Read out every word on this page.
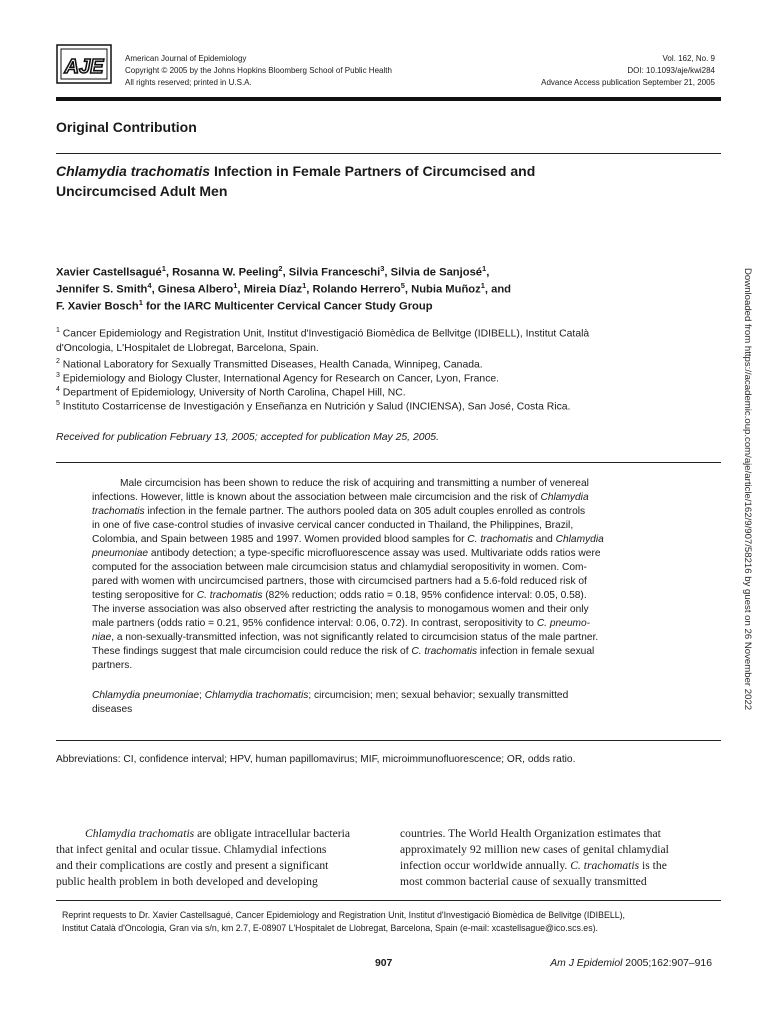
AJE	American Journal of Epidemiology
Copyright © 2005 by the Johns Hopkins Bloomberg School of Public Health
All rights reserved; printed in U.S.A.
Vol. 162, No. 9
DOI: 10.1093/aje/kwi284
Advance Access publication September 21, 2005
Original Contribution
Chlamydia trachomatis Infection in Female Partners of Circumcised and
Uncircumcised Adult Men
Xavier Castellsagué$^1$, Rosanna W. Peeling$^2$, Silvia Franceschi$^3$, Silvia de Sanjosé$^1$,
Jennifer S. Smith$^4$, Ginesa Albero$^1$, Mireia Díaz$^1$, Rolando Herrero$^5$, Nubia Muñoz$^1$, and
F. Xavier Bosch$^1$ for the IARC Multicenter Cervical Cancer Study Group
$^1$ Cancer Epidemiology and Registration Unit, Institut d'Investigació Biomèdica de Bellvitge (IDIBELL), Institut Català
d'Oncologia, L'Hospitalet de Llobregat, Barcelona, Spain.
$^2$ National Laboratory for Sexually Transmitted Diseases, Health Canada, Winnipeg, Canada.
$^3$ Epidemiology and Biology Cluster, International Agency for Research on Cancer, Lyon, France.
$^4$ Department of Epidemiology, University of North Carolina, Chapel Hill, NC.
$^5$ Instituto Costarricense de Investigación y Enseñanza en Nutrición y Salud (INCIENSA), San José, Costa Rica.
Received for publication February 13, 2005; accepted for publication May 25, 2005.
Male circumcision has been shown to reduce the risk of acquiring and transmitting a number of venereal
infections. However, little is known about the association between male circumcision and the risk of Chlamydia
trachomatis infection in the female partner. The authors pooled data on 305 adult couples enrolled as controls
in one of five case-control studies of invasive cervical cancer conducted in Thailand, the Philippines, Brazil,
Colombia, and Spain between 1985 and 1997. Women provided blood samples for C. trachomatis and Chlamydia
pneumoniae antibody detection; a type-specific microfluorescence assay was used. Multivariate odds ratios were
computed for the association between male circumcision status and chlamydial seropositivity in women. Com-
pared with women with uncircumcised partners, those with circumcised partners had a 5.6-fold reduced risk of
testing seropositive for C. trachomatis (82% reduction; odds ratio = 0.18, 95% confidence interval: 0.05, 0.58).
The inverse association was also observed after restricting the analysis to monogamous women and their only
male partners (odds ratio = 0.21, 95% confidence interval: 0.06, 0.72). In contrast, seropositivity to C. pneumo-
niae, a non-sexually-transmitted infection, was not significantly related to circumcision status of the male partner.
These findings suggest that male circumcision could reduce the risk of C. trachomatis infection in female sexual
partners.
Chlamydia pneumoniae; Chlamydia trachomatis; circumcision; men; sexual behavior; sexually transmitted
diseases
Abbreviations: CI, confidence interval; HPV, human papillomavirus; MIF, microimmunofluorescence; OR, odds ratio.
Chlamydia trachomatis are obligate intracellular bacteria
that infect genital and ocular tissue. Chlamydial infections
and their complications are costly and present a significant
public health problem in both developed and developing
countries. The World Health Organization estimates that
approximately 92 million new cases of genital chlamydial
infection occur worldwide annually. C. trachomatis is the
most common bacterial cause of sexually transmitted
Reprint requests to Dr. Xavier Castellsagué, Cancer Epidemiology and Registration Unit, Institut d'Investigació Biomèdica de Bellvitge (IDIBELL),
Institut Català d'Oncologia, Gran via s/n, km 2.7, E-08907 L'Hospitalet de Llobregat, Barcelona, Spain (e-mail: xcastellsague@ico.scs.es).
907	Am J Epidemiol 2005;162:907–916
Downloaded from https://academic.oup.com/aje/article/162/9/907/58216 by guest on 26 November 2022
